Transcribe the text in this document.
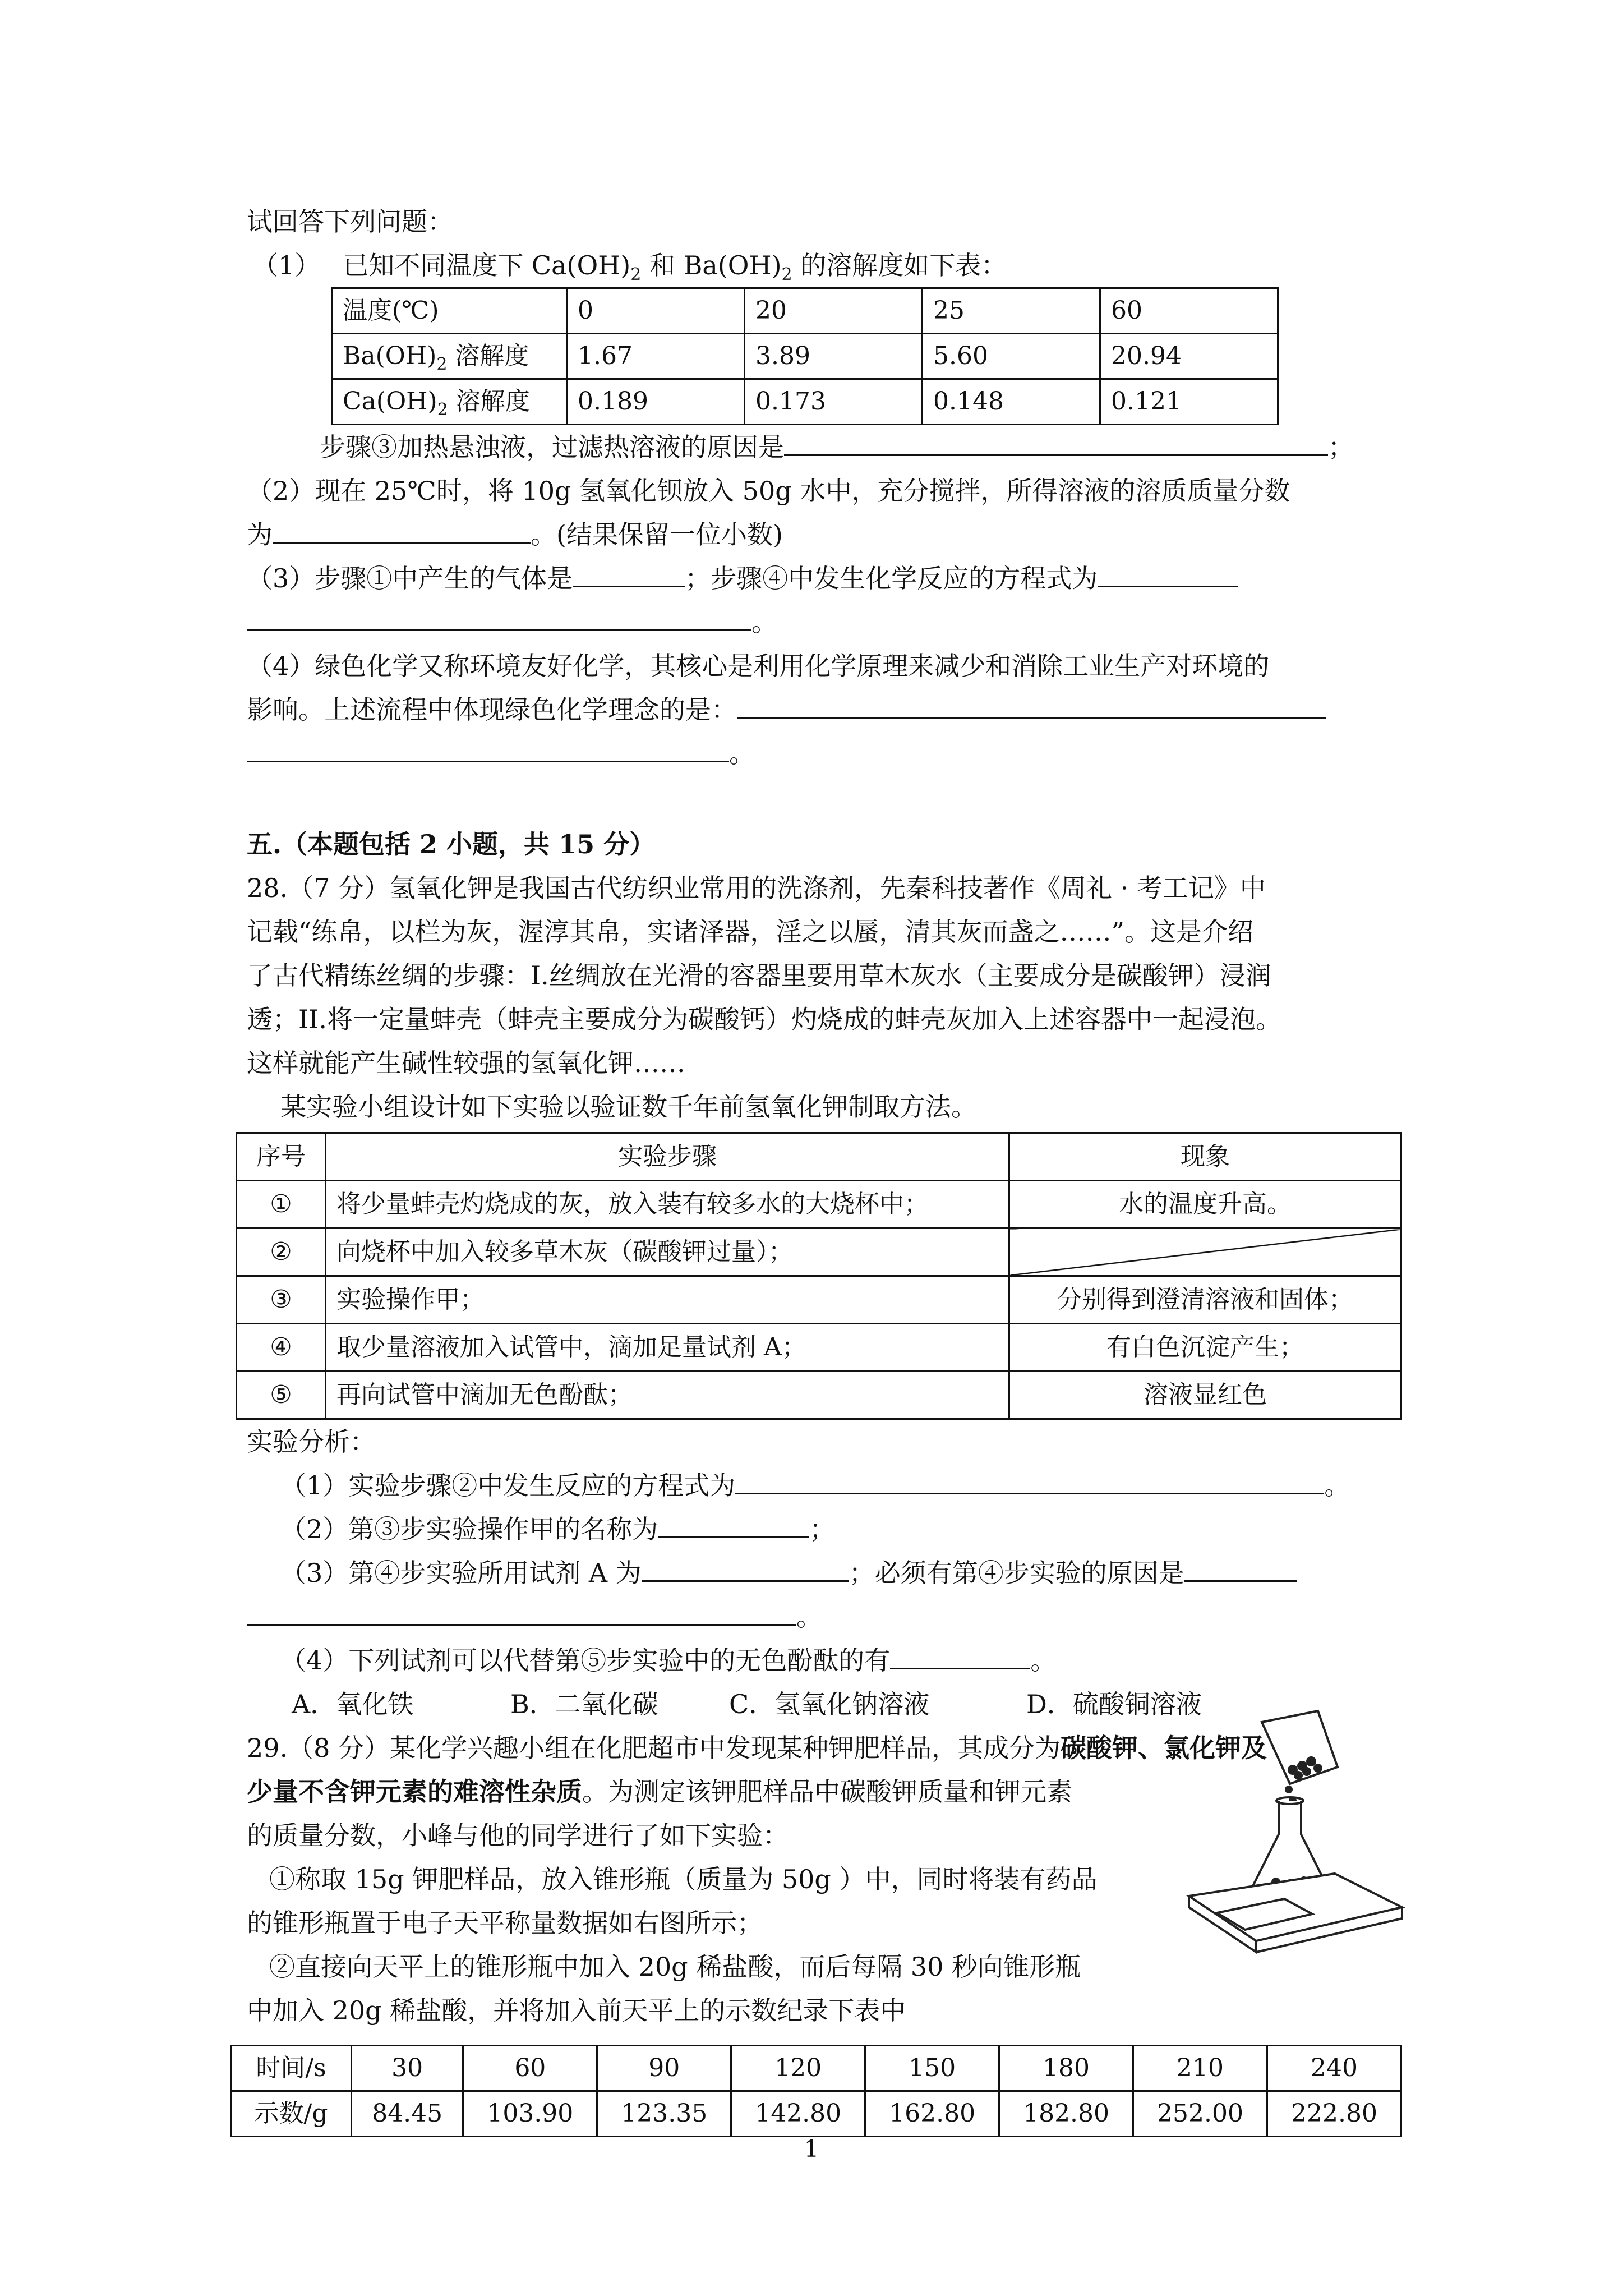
试回答下列问题：

（1） 已知不同温度下 $Ca(OH)_2$ 和 $Ba(OH)_2$ 的溶解度如下表：

温度(℃)	0	20	25	60
$Ba(OH)_2$ 溶解度	1.67	3.89	5.60	20.94
$Ca(OH)_2$ 溶解度	0.189	0.173	0.148	0.121

步骤③加热悬浊液，过滤热溶液的原因是	；

（2）现在 25℃时，将 10g 氢氧化钡放入 50g 水中，充分搅拌，所得溶液的溶质质量分数

为	。(结果保留一位小数)

（3）步骤①中产生的气体是	；步骤④中发生化学反应的方程式为

。

（4）绿色化学又称环境友好化学，其核心是利用化学原理来减少和消除工业生产对环境的

影响。上述流程中体现绿色化学理念的是：

。

五.（本题包括 2 小题，共 15 分）

28.（7 分）氢氧化钾是我国古代纺织业常用的洗涤剂，先秦科技著作《周礼 · 考工记》中

记载“练帛，以栏为灰，渥淳其帛，实诸泽器，淫之以蜃，清其灰而盏之……”。这是介绍

了古代精练丝绸的步骤：I.丝绸放在光滑的容器里要用草木灰水（主要成分是碳酸钾）浸润

透；II.将一定量蚌壳（蚌壳主要成分为碳酸钙）灼烧成的蚌壳灰加入上述容器中一起浸泡。

这样就能产生碱性较强的氢氧化钾……

某实验小组设计如下实验以验证数千年前氢氧化钾制取方法。

序号	实验步骤	现象
①	将少量蚌壳灼烧成的灰，放入装有较多水的大烧杯中；	水的温度升高。
②	向烧杯中加入较多草木灰（碳酸钾过量）；	
③	实验操作甲；	分别得到澄清溶液和固体；
④	取少量溶液加入试管中，滴加足量试剂 A；	有白色沉淀产生；
⑤	再向试管中滴加无色酚酞；	溶液显红色

实验分析：

（1）实验步骤②中发生反应的方程式为	。

（2）第③步实验操作甲的名称为	；

（3）第④步实验所用试剂 A 为	；必须有第④步实验的原因是

。

（4）下列试剂可以代替第⑤步实验中的无色酚酞的有	。

A．氧化铁	B．二氧化碳	C．氢氧化钠溶液	D．硫酸铜溶液

29.（8 分）某化学兴趣小组在化肥超市中发现某种钾肥样品，其成分为碳酸钾、氯化钾及

少量不含钾元素的难溶性杂质。为测定该钾肥样品中碳酸钾质量和钾元素

的质量分数，小峰与他的同学进行了如下实验：

①称取 15g 钾肥样品，放入锥形瓶（质量为 50g ）中，同时将装有药品

的锥形瓶置于电子天平称量数据如右图所示；

②直接向天平上的锥形瓶中加入 20g 稀盐酸，而后每隔 30 秒向锥形瓶

中加入 20g 稀盐酸，并将加入前天平上的示数纪录下表中

时间/s	30	60	90	120	150	180	210	240
示数/g	84.45	103.90	123.35	142.80	162.80	182.80	252.00	222.80
1
